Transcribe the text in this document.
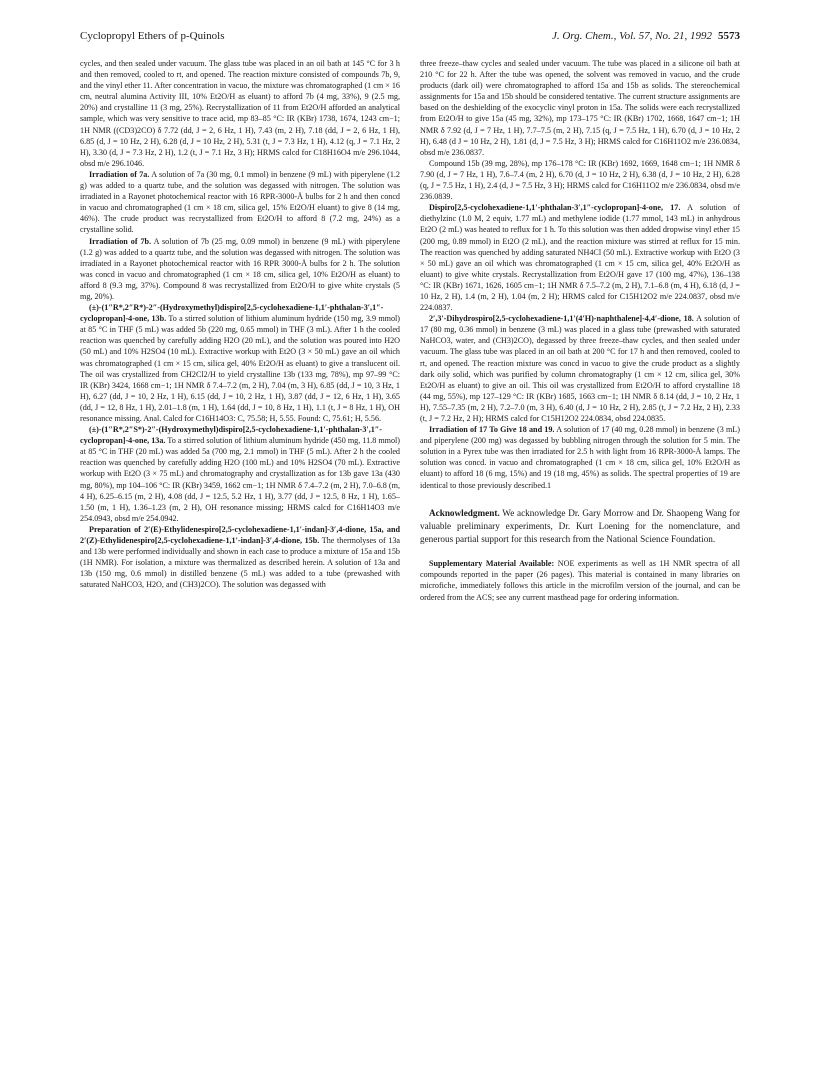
Cyclopropyl Ethers of p-Quinols	J. Org. Chem., Vol. 57, No. 21, 1992 5573

cycles, and then sealed under vacuum. The glass tube was placed in an oil bath at 145 °C for 3 h and then removed, cooled to rt, and opened. The reaction mixture consisted of compounds 7b, 9, and the vinyl ether 11. After concentration in vacuo, the mixture was chromatographed (1 cm × 16 cm, neutral alumina Activity III, 10% Et2O/H as eluant) to afford 7b (4 mg, 33%), 9 (2.5 mg, 20%) and crystalline 11 (3 mg, 25%). Recrystallization of 11 from Et2O/H afforded an analytical sample, which was very sensitive to trace acid, mp 83–85 °C: IR (KBr) 1738, 1674, 1243 cm−1; 1H NMR ((CD3)2CO) δ 7.72 (dd, J = 2, 6 Hz, 1 H), 7.43 (m, 2 H), 7.18 (dd, J = 2, 6 Hz, 1 H), 6.85 (d, J = 10 Hz, 2 H), 6.28 (d, J = 10 Hz, 2 H), 5.31 (t, J = 7.3 Hz, 1 H), 4.12 (q, J = 7.1 Hz, 2 H), 3.30 (d, J = 7.3 Hz, 2 H), 1.2 (t, J = 7.1 Hz, 3 H); HRMS calcd for C18H16O4 m/e 296.1044, obsd m/e 296.1046.

Irradiation of 7a. A solution of 7a (30 mg, 0.1 mmol) in benzene (9 mL) with piperylene (1.2 g) was added to a quartz tube, and the solution was degassed with nitrogen. The solution was irradiated in a Rayonet photochemical reactor with 16 RPR-3000-Å bulbs for 2 h and then concd in vacuo and chromatographed (1 cm × 18 cm, silica gel, 15% Et2O/H eluant) to give 8 (14 mg, 46%). The crude product was recrystallized from Et2O/H to afford 8 (7.2 mg, 24%) as a crystalline solid.

Irradiation of 7b. A solution of 7b (25 mg, 0.09 mmol) in benzene (9 mL) with piperylene (1.2 g) was added to a quartz tube, and the solution was degassed with nitrogen. The solution was irradiated in a Rayonet photochemical reactor with 16 RPR 3000-Å bulbs for 2 h. The solution was concd in vacuo and chromatographed (1 cm × 18 cm, silica gel, 10% Et2O/H as eluant) to afford 8 (9.3 mg, 37%). Compound 8 was recrystallized from Et2O/H to give white crystals (5 mg, 20%).

(±)-(1″R*,2″R*)-2″-(Hydroxymethyl)dispiro[2,5-cyclohexadiene-1,1′-phthalan-3′,1″-cyclopropan]-4-one, 13b. To a stirred solution of lithium aluminum hydride (150 mg, 3.9 mmol) at 85 °C in THF (5 mL) was added 5b (220 mg, 0.65 mmol) in THF (3 mL). After 1 h the cooled reaction was quenched by carefully adding H2O (20 mL), and the solution was poured into H2O (50 mL) and 10% H2SO4 (10 mL). Extractive workup with Et2O (3 × 50 mL) gave an oil which was chromatographed (1 cm × 15 cm, silica gel, 40% Et2O/H as eluant) to give a translucent oil. The oil was crystallized from CH2Cl2/H to yield crystalline 13b (133 mg, 78%), mp 97–99 °C: IR (KBr) 3424, 1668 cm−1; 1H NMR δ 7.4–7.2 (m, 2 H), 7.04 (m, 3 H), 6.85 (dd, J = 10, 3 Hz, 1 H), 6.27 (dd, J = 10, 2 Hz, 1 H), 6.15 (dd, J = 10, 2 Hz, 1 H), 3.87 (dd, J = 12, 6 Hz, 1 H), 3.65 (dd, J = 12, 8 Hz, 1 H), 2.01–1.8 (m, 1 H), 1.64 (dd, J = 10, 8 Hz, 1 H), 1.1 (t, J = 8 Hz, 1 H), OH resonance missing. Anal. Calcd for C16H14O3: C, 75.58; H, 5.55. Found: C, 75.61; H, 5.56.

(±)-(1″R*,2″S*)-2″-(Hydroxymethyl)dispiro[2,5-cyclohexadiene-1,1′-phthalan-3′,1″-cyclopropan]-4-one, 13a. To a stirred solution of lithium aluminum hydride (450 mg, 11.8 mmol) at 85 °C in THF (20 mL) was added 5a (700 mg, 2.1 mmol) in THF (5 mL). After 2 h the cooled reaction was quenched by carefully adding H2O (100 mL) and 10% H2SO4 (70 mL). Extractive workup with Et2O (3 × 75 mL) and chromatography and crystallization as for 13b gave 13a (430 mg, 80%), mp 104–106 °C: IR (KBr) 3459, 1662 cm−1; 1H NMR δ 7.4–7.2 (m, 2 H), 7.0–6.8 (m, 4 H), 6.25–6.15 (m, 2 H), 4.08 (dd, J = 12.5, 5.2 Hz, 1 H), 3.77 (dd, J = 12.5, 8 Hz, 1 H), 1.65–1.50 (m, 1 H), 1.36–1.23 (m, 2 H), OH resonance missing; HRMS calcd for C16H14O3 m/e 254.0943, obsd m/e 254.0942.

Preparation of 2′(E)-Ethylidenespiro[2,5-cyclohexadiene-1,1′-indan]-3′,4-dione, 15a, and 2′(Z)-Ethylidenespiro[2,5-cyclohexadiene-1,1′-indan]-3′,4-dione, 15b. The thermolyses of 13a and 13b were performed individually and shown in each case to produce a mixture of 15a and 15b (1H NMR). For isolation, a mixture was thermalized as described herein. A solution of 13a and 13b (150 mg, 0.6 mmol) in distilled benzene (5 mL) was added to a tube (prewashed with saturated NaHCO3, H2O, and (CH3)2CO). The solution was degassed with

three freeze–thaw cycles and sealed under vacuum. The tube was placed in a silicone oil bath at 210 °C for 22 h. After the tube was opened, the solvent was removed in vacuo, and the crude products (dark oil) were chromatographed to afford 15a and 15b as solids. The stereochemical assignments for 15a and 15b should be considered tentative. The current structure assignments are based on the deshielding of the exocyclic vinyl proton in 15a. The solids were each recrystallized from Et2O/H to give 15a (45 mg, 32%), mp 173–175 °C: IR (KBr) 1702, 1668, 1647 cm−1; 1H NMR δ 7.92 (d, J = 7 Hz, 1 H), 7.7–7.5 (m, 2 H), 7.15 (q, J = 7.5 Hz, 1 H), 6.70 (d, J = 10 Hz, 2 H), 6.48 (d J = 10 Hz, 2 H), 1.81 (d, J = 7.5 Hz, 3 H); HRMS calcd for C16H11O2 m/e 236.0834, obsd m/e 236.0837.

Compound 15b (39 mg, 28%), mp 176–178 °C: IR (KBr) 1692, 1669, 1648 cm−1; 1H NMR δ 7.90 (d, J = 7 Hz, 1 H), 7.6–7.4 (m, 2 H), 6.70 (d, J = 10 Hz, 2 H), 6.38 (d, J = 10 Hz, 2 H), 6.28 (q, J = 7.5 Hz, 1 H), 2.4 (d, J = 7.5 Hz, 3 H); HRMS calcd for C16H11O2 m/e 236.0834, obsd m/e 236.0839.

Dispiro[2,5-cyclohexadiene-1,1′-phthalan-3′,1″-cyclopropan]-4-one, 17. A solution of diethylzinc (1.0 M, 2 equiv, 1.77 mL) and methylene iodide (1.77 mmol, 143 mL) in anhydrous Et2O (2 mL) was heated to reflux for 1 h. To this solution was then added dropwise vinyl ether 15 (200 mg, 0.89 mmol) in Et2O (2 mL), and the reaction mixture was stirred at reflux for 15 min. The reaction was quenched by adding saturated NH4Cl (50 mL). Extractive workup with Et2O (3 × 50 mL) gave an oil which was chromatographed (1 cm × 15 cm, silica gel, 40% Et2O/H as eluant) to give white crystals. Recrystallization from Et2O/H gave 17 (100 mg, 47%), 136–138 °C: IR (KBr) 1671, 1626, 1605 cm−1; 1H NMR δ 7.5–7.2 (m, 2 H), 7.1–6.8 (m, 4 H), 6.18 (d, J = 10 Hz, 2 H), 1.4 (m, 2 H), 1.04 (m, 2 H); HRMS calcd for C15H12O2 m/e 224.0837, obsd m/e 224.0837.

2′,3′-Dihydrospiro[2,5-cyclohexadiene-1,1′(4′H)-naphthalene]-4,4′-dione, 18. A solution of 17 (80 mg, 0.36 mmol) in benzene (3 mL) was placed in a glass tube (prewashed with saturated NaHCO3, water, and (CH3)2CO), degassed by three freeze–thaw cycles, and then sealed under vacuum. The glass tube was placed in an oil bath at 200 °C for 17 h and then removed, cooled to rt, and opened. The reaction mixture was concd in vacuo to give the crude product as a slightly dark oily solid, which was purified by column chromatography (1 cm × 12 cm, silica gel, 30% Et2O/H as eluant) to give an oil. This oil was crystallized from Et2O/H to afford crystalline 18 (44 mg, 55%), mp 127–129 °C: IR (KBr) 1685, 1663 cm−1; 1H NMR δ 8.14 (dd, J = 10, 2 Hz, 1 H), 7.55–7.35 (m, 2 H), 7.2–7.0 (m, 3 H), 6.40 (d, J = 10 Hz, 2 H), 2.85 (t, J = 7.2 Hz, 2 H), 2.33 (t, J = 7.2 Hz, 2 H); HRMS calcd for C15H12O2 224.0834, obsd 224.0835.

Irradiation of 17 To Give 18 and 19. A solution of 17 (40 mg, 0.28 mmol) in benzene (3 mL) and piperylene (200 mg) was degassed by bubbling nitrogen through the solution for 5 min. The solution in a Pyrex tube was then irradiated for 2.5 h with light from 16 RPR-3000-Å lamps. The solution was concd. in vacuo and chromatographed (1 cm × 18 cm, silica gel, 10% Et2O/H as eluant) to afford 18 (6 mg, 15%) and 19 (18 mg, 45%) as solids. The spectral properties of 19 are identical to those previously described.1

Acknowledgment. We acknowledge Dr. Gary Morrow and Dr. Shaopeng Wang for valuable preliminary experiments, Dr. Kurt Loening for the nomenclature, and generous partial support for this research from the National Science Foundation.

Supplementary Material Available: NOE experiments as well as 1H NMR spectra of all compounds reported in the paper (26 pages). This material is contained in many libraries on microfiche, immediately follows this article in the microfilm version of the journal, and can be ordered from the ACS; see any current masthead page for ordering information.
